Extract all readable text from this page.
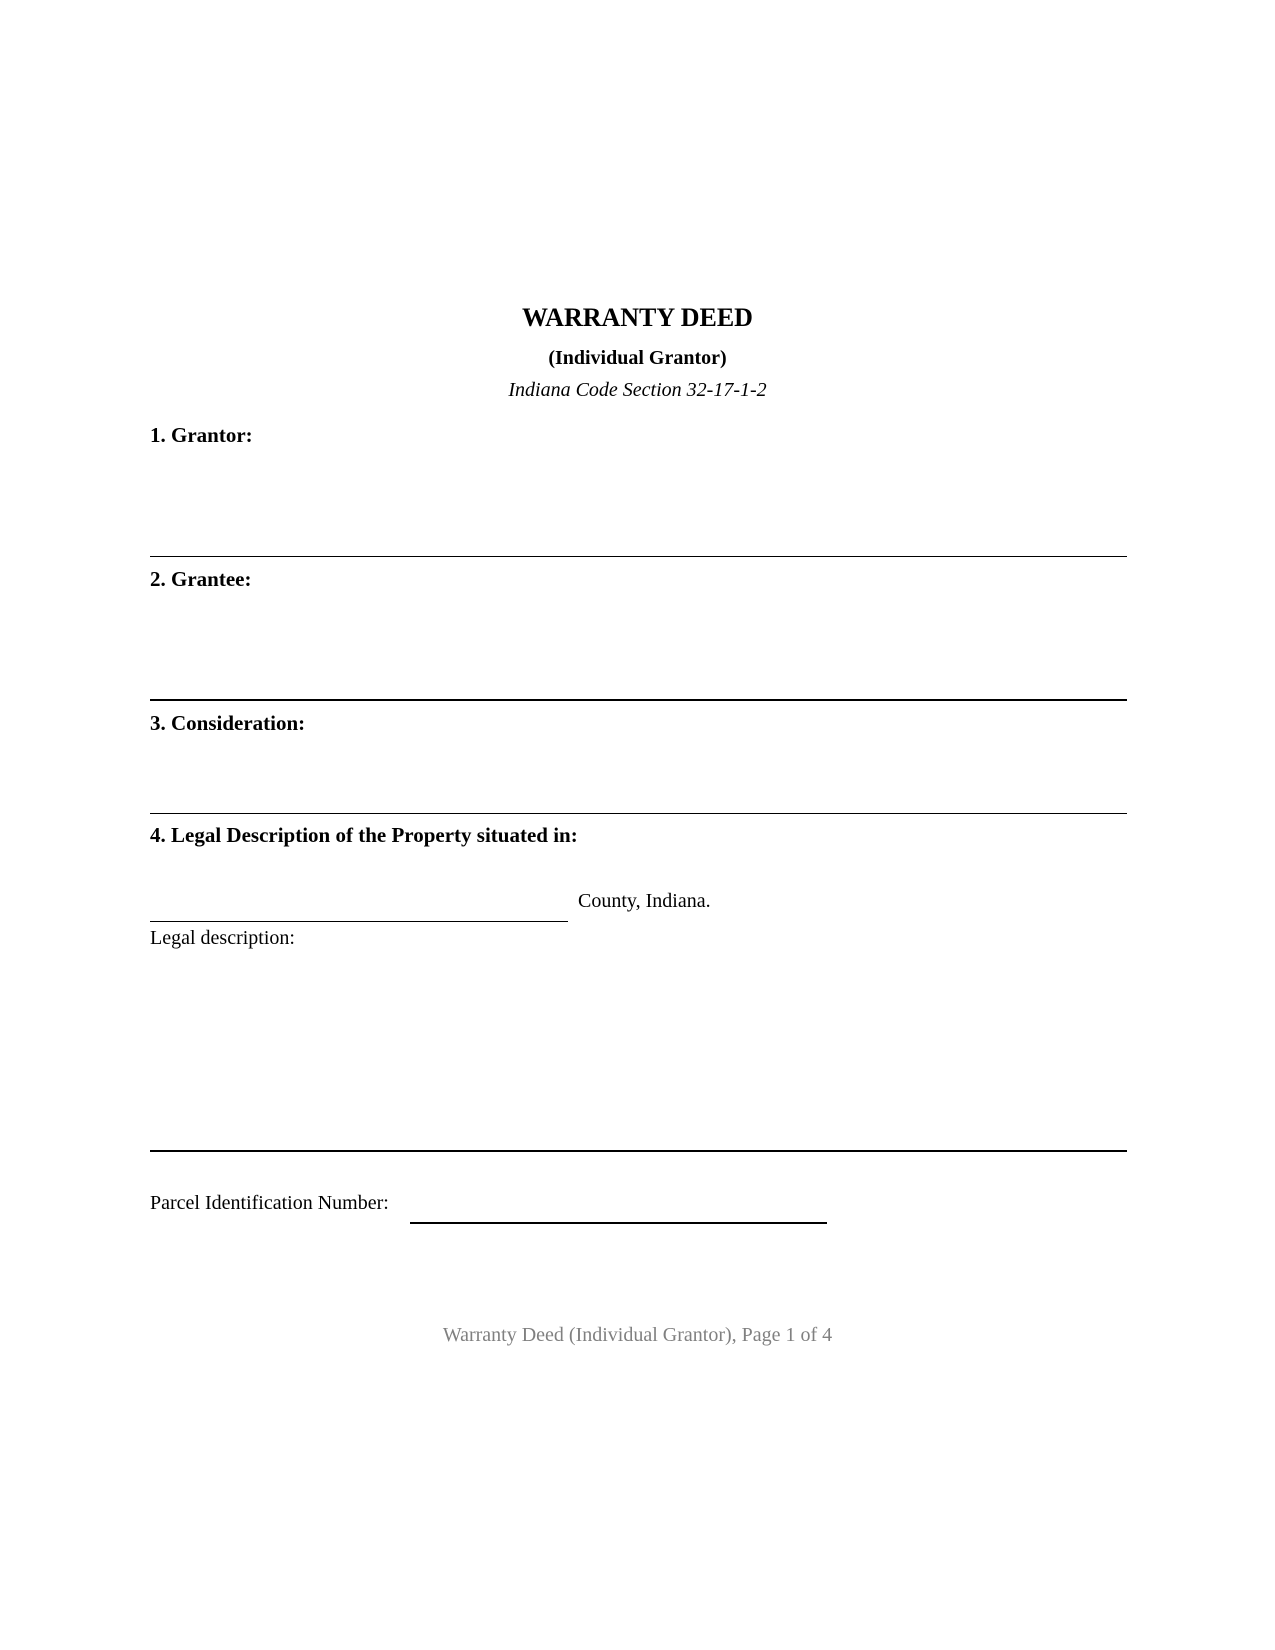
WARRANTY DEED
(Individual Grantor)
Indiana Code Section 32-17-1-2
1. Grantor:
2. Grantee:
3. Consideration:
4. Legal Description of the Property situated in:
County, Indiana.
Legal description:
Parcel Identification Number:
Warranty Deed (Individual Grantor), Page 1 of 4
